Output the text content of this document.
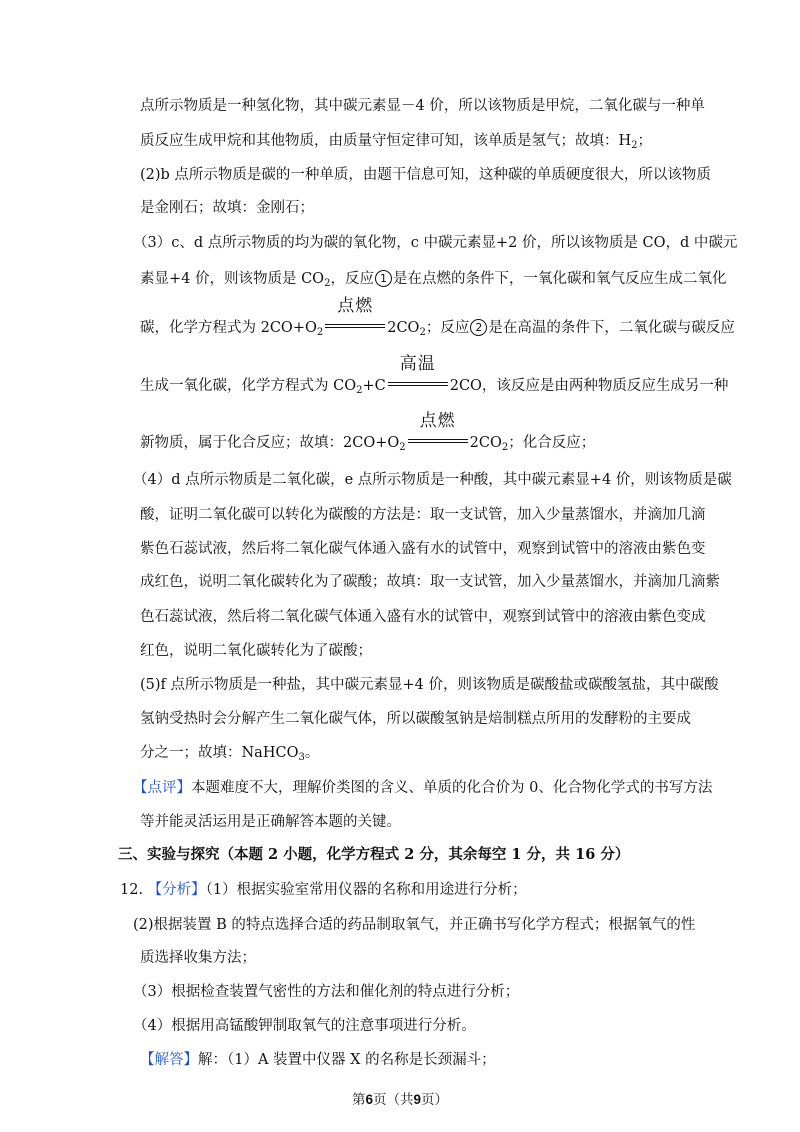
点所示物质是一种氢化物，其中碳元素显－4 价，所以该物质是甲烷，二氧化碳与一种单
质反应生成甲烷和其他物质，由质量守恒定律可知，该单质是氢气；故填：$H_2$；
(2)b 点所示物质是碳的一种单质，由题干信息可知，这种碳的单质硬度很大，所以该物质
是金刚石；故填：金刚石；
（3）c、d 点所示物质的均为碳的氧化物，c 中碳元素显+2 价，所以该物质是 CO，d 中碳元
素显+4 价，则该物质是 $CO_2$，反应 1 是在点燃的条件下，一氧化碳和氧气反应生成二氧化
碳，化学方程式为 $2CO+O_2$
点燃
$2CO_2$；反应 2 是在高温的条件下，二氧化碳与碳反应
生成一氧化碳，化学方程式为 $CO_2+C$
高温
2CO，该反应是由两种物质反应生成另一种
新物质，属于化合反应；故填：$2CO+O_2$
点燃
$2CO_2$；化合反应；
（4）d 点所示物质是二氧化碳，e 点所示物质是一种酸，其中碳元素显+4 价，则该物质是碳
酸，证明二氧化碳可以转化为碳酸的方法是：取一支试管，加入少量蒸馏水，并滴加几滴
紫色石蕊试液，然后将二氧化碳气体通入盛有水的试管中，观察到试管中的溶液由紫色变
成红色，说明二氧化碳转化为了碳酸；故填：取一支试管，加入少量蒸馏水，并滴加几滴紫
色石蕊试液，然后将二氧化碳气体通入盛有水的试管中，观察到试管中的溶液由紫色变成
红色，说明二氧化碳转化为了碳酸；
(5)f 点所示物质是一种盐，其中碳元素显+4 价，则该物质是碳酸盐或碳酸氢盐，其中碳酸
氢钠受热时会分解产生二氧化碳气体，所以碳酸氢钠是焙制糕点所用的发酵粉的主要成
分之一；故填：NaHCO$_3$。
【点评】本题难度不大，理解价类图的含义、单质的化合价为 0、化合物化学式的书写方法
等并能灵活运用是正确解答本题的关键。
三、实验与探究（本题 2 小题，化学方程式 2 分，其余每空 1 分，共 16 分）
12. 【分析】（1）根据实验室常用仪器的名称和用途进行分析；
(2)根据装置 B 的特点选择合适的药品制取氧气，并正确书写化学方程式；根据氧气的性
质选择收集方法；
（3）根据检查装置气密性的方法和催化剂的特点进行分析；
（4）根据用高锰酸钾制取氧气的注意事项进行分析。
【解答】解：（1）A 装置中仪器 X 的名称是长颈漏斗；
第6页（共9页）
